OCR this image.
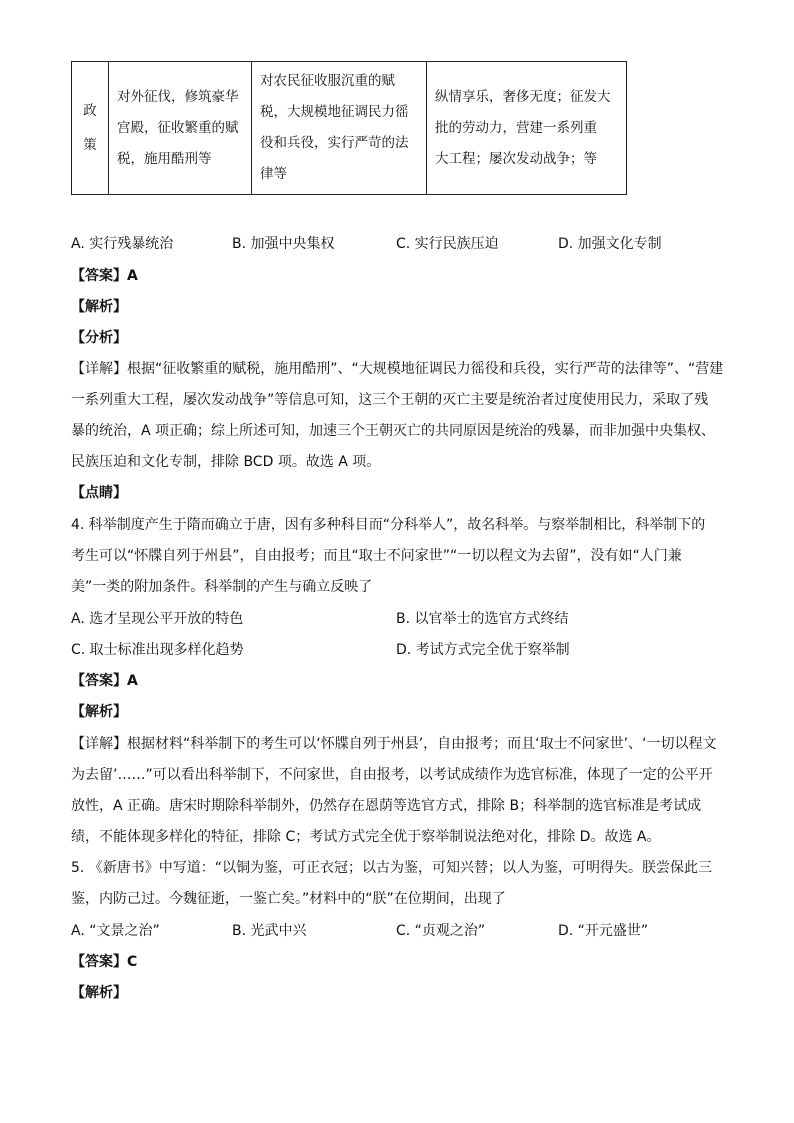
政
策

对外征伐，修筑豪华
宫殿，征收繁重的赋
税，施用酷刑等

对农民征收服沉重的赋
税，大规模地征调民力徭
役和兵役，实行严苛的法
律等

纵情享乐，奢侈无度；征发大
批的劳动力，营建一系列重
大工程；屡次发动战争；等
A. 实行残暴统治	B. 加强中央集权	C. 实行民族压迫	D. 加强文化专制
【答案】A
【解析】
【分析】
【详解】根据“征收繁重的赋税，施用酷刑”、“大规模地征调民力徭役和兵役，实行严苛的法律等”、“营建
一系列重大工程，屡次发动战争”等信息可知，这三个王朝的灭亡主要是统治者过度使用民力，采取了残
暴的统治，A 项正确；综上所述可知，加速三个王朝灭亡的共同原因是统治的残暴，而非加强中央集权、
民族压迫和文化专制，排除 BCD 项。故选 A 项。
【点睛】
4. 科举制度产生于隋而确立于唐，因有多种科目而“分科举人”，故名科举。与察举制相比，科举制下的
考生可以“怀牒自列于州县”，自由报考；而且“取士不问家世”“一切以程文为去留”，没有如“人门兼
美”一类的附加条件。科举制的产生与确立反映了
A. 选才呈现公平开放的特色	B. 以官举士的选官方式终结
C. 取士标准出现多样化趋势	D. 考试方式完全优于察举制
【答案】A
【解析】
【详解】根据材料“科举制下的考生可以‘怀牒自列于州县’，自由报考；而且‘取士不问家世’、‘一切以程文
为去留’……”可以看出科举制下，不问家世，自由报考，以考试成绩作为选官标准，体现了一定的公平开
放性，A 正确。唐宋时期除科举制外，仍然存在恩荫等选官方式，排除 B；科举制的选官标准是考试成
绩，不能体现多样化的特征，排除 C；考试方式完全优于察举制说法绝对化，排除 D。故选 A。
5. 《新唐书》中写道：“以铜为鉴，可正衣冠；以古为鉴，可知兴替；以人为鉴，可明得失。朕尝保此三
鉴，内防己过。今魏征逝，一鉴亡矣。”材料中的“朕”在位期间，出现了
A. “文景之治”	B. 光武中兴	C. “贞观之治”	D. “开元盛世”
【答案】C
【解析】
